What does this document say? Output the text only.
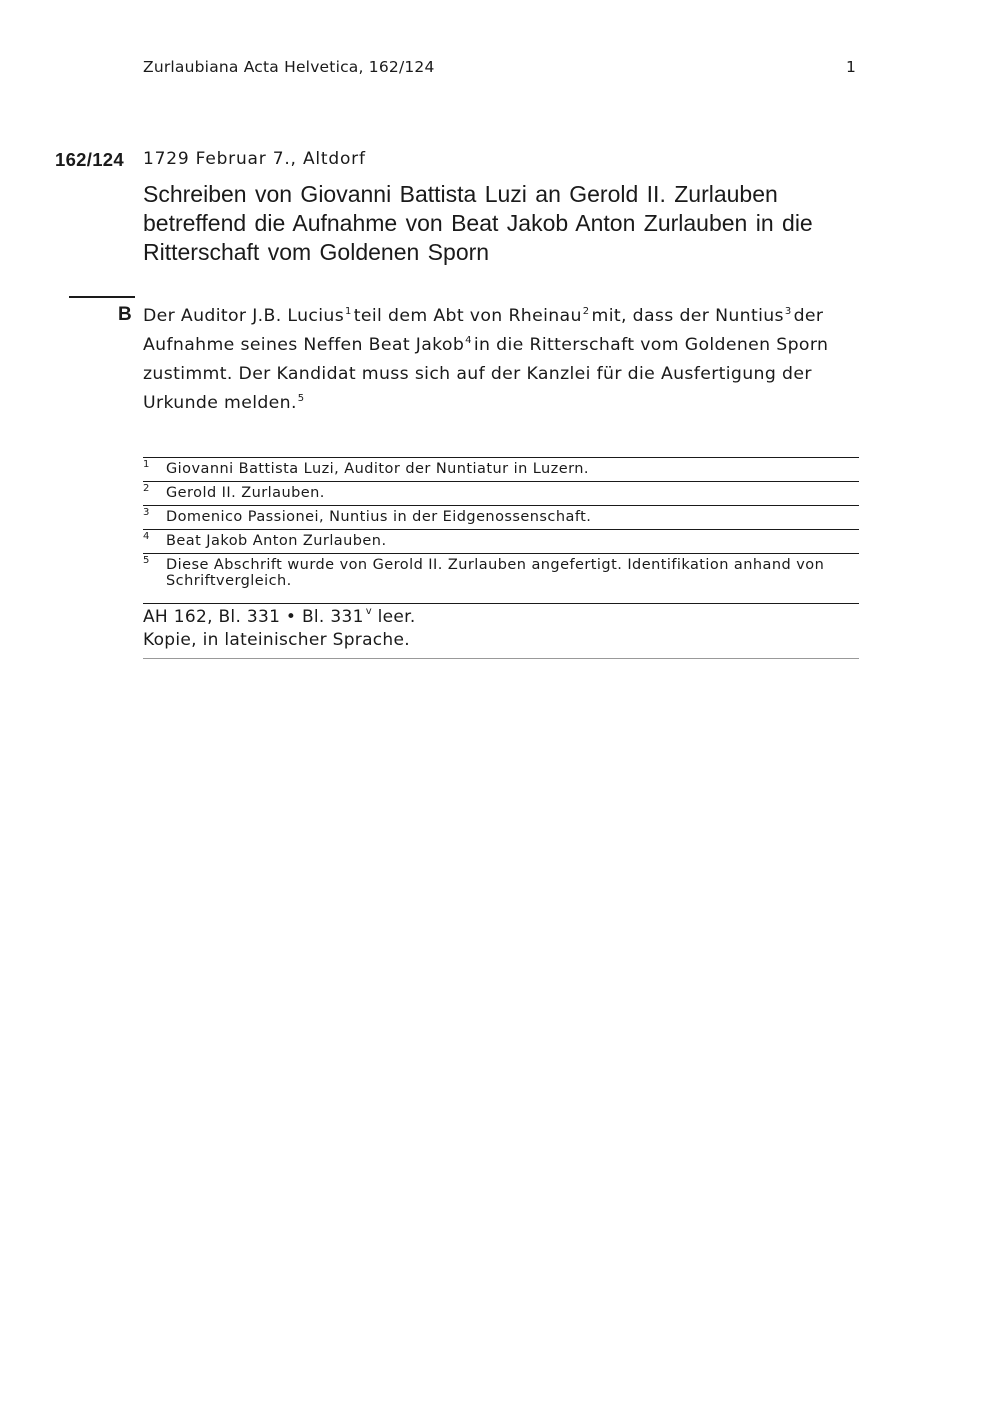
Zurlaubiana Acta Helvetica, 162/124	1
162/124 1729 Februar 7., Altdorf
Schreiben von Giovanni Battista Luzi an Gerold II. Zurlauben betreffend die Aufnahme von Beat Jakob Anton Zurlauben in die Ritterschaft vom Goldenen Sporn
B Der Auditor J.B. Lucius$^1$ teil dem Abt von Rheinau$^2$ mit, dass der Nuntius$^3$ der Aufnahme seines Neffen Beat Jakob$^4$ in die Ritterschaft vom Goldenen Sporn zustimmt. Der Kandidat muss sich auf der Kanzlei für die Ausfertigung der Urkunde melden.$^5$
1 Giovanni Battista Luzi, Auditor der Nuntiatur in Luzern.
2 Gerold II. Zurlauben.
3 Domenico Passionei, Nuntius in der Eidgenossenschaft.
4 Beat Jakob Anton Zurlauben.
5 Diese Abschrift wurde von Gerold II. Zurlauben angefertigt. Identifikation anhand von Schriftvergleich.
AH 162, Bl. 331 • Bl. 331 $^v$ leer.
Kopie, in lateinischer Sprache.
